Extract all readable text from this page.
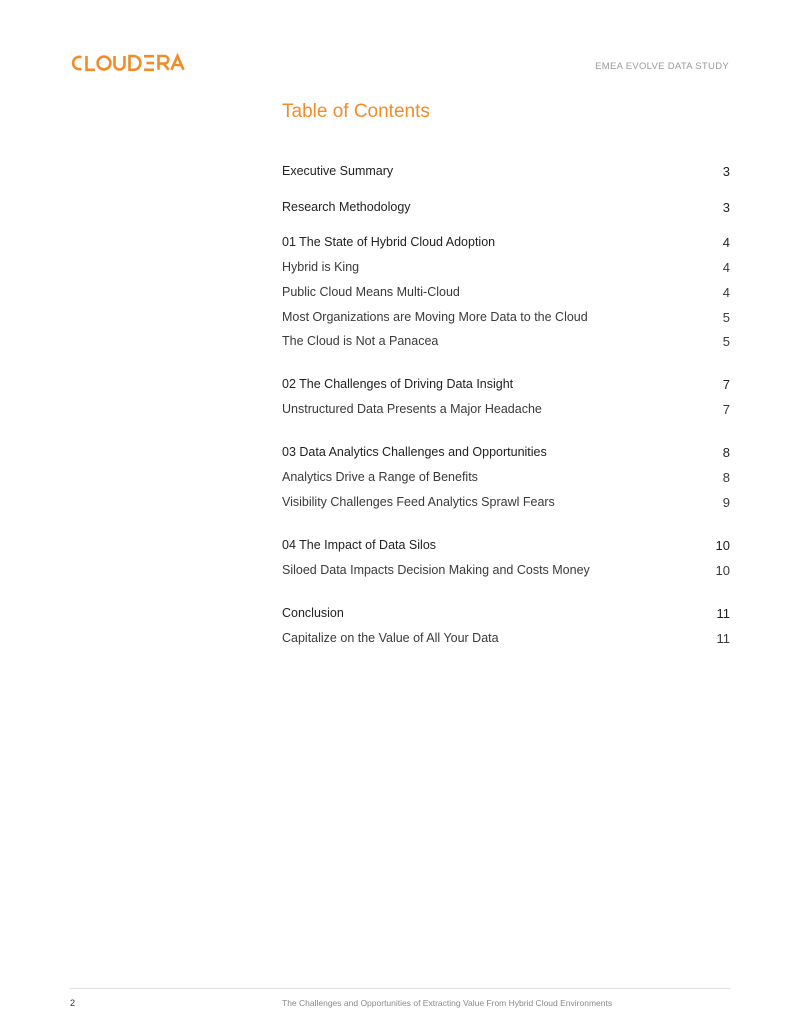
EMEA EVOLVE DATA STUDY
Table of Contents
Executive Summary	3
Research Methodology	3
01 The State of Hybrid Cloud Adoption	4
Hybrid is King	4
Public Cloud Means Multi-Cloud	4
Most Organizations are Moving More Data to the Cloud	5
The Cloud is Not a Panacea	5
02 The Challenges of Driving Data Insight	7
Unstructured Data Presents a Major Headache	7
03 Data Analytics Challenges and Opportunities	8
Analytics Drive a Range of Benefits	8
Visibility Challenges Feed Analytics Sprawl Fears	9
04 The Impact of Data Silos	10
Siloed Data Impacts Decision Making and Costs Money	10
Conclusion	11
Capitalize on the Value of All Your Data	11
2	The Challenges and Opportunities of Extracting Value From Hybrid Cloud Environments
